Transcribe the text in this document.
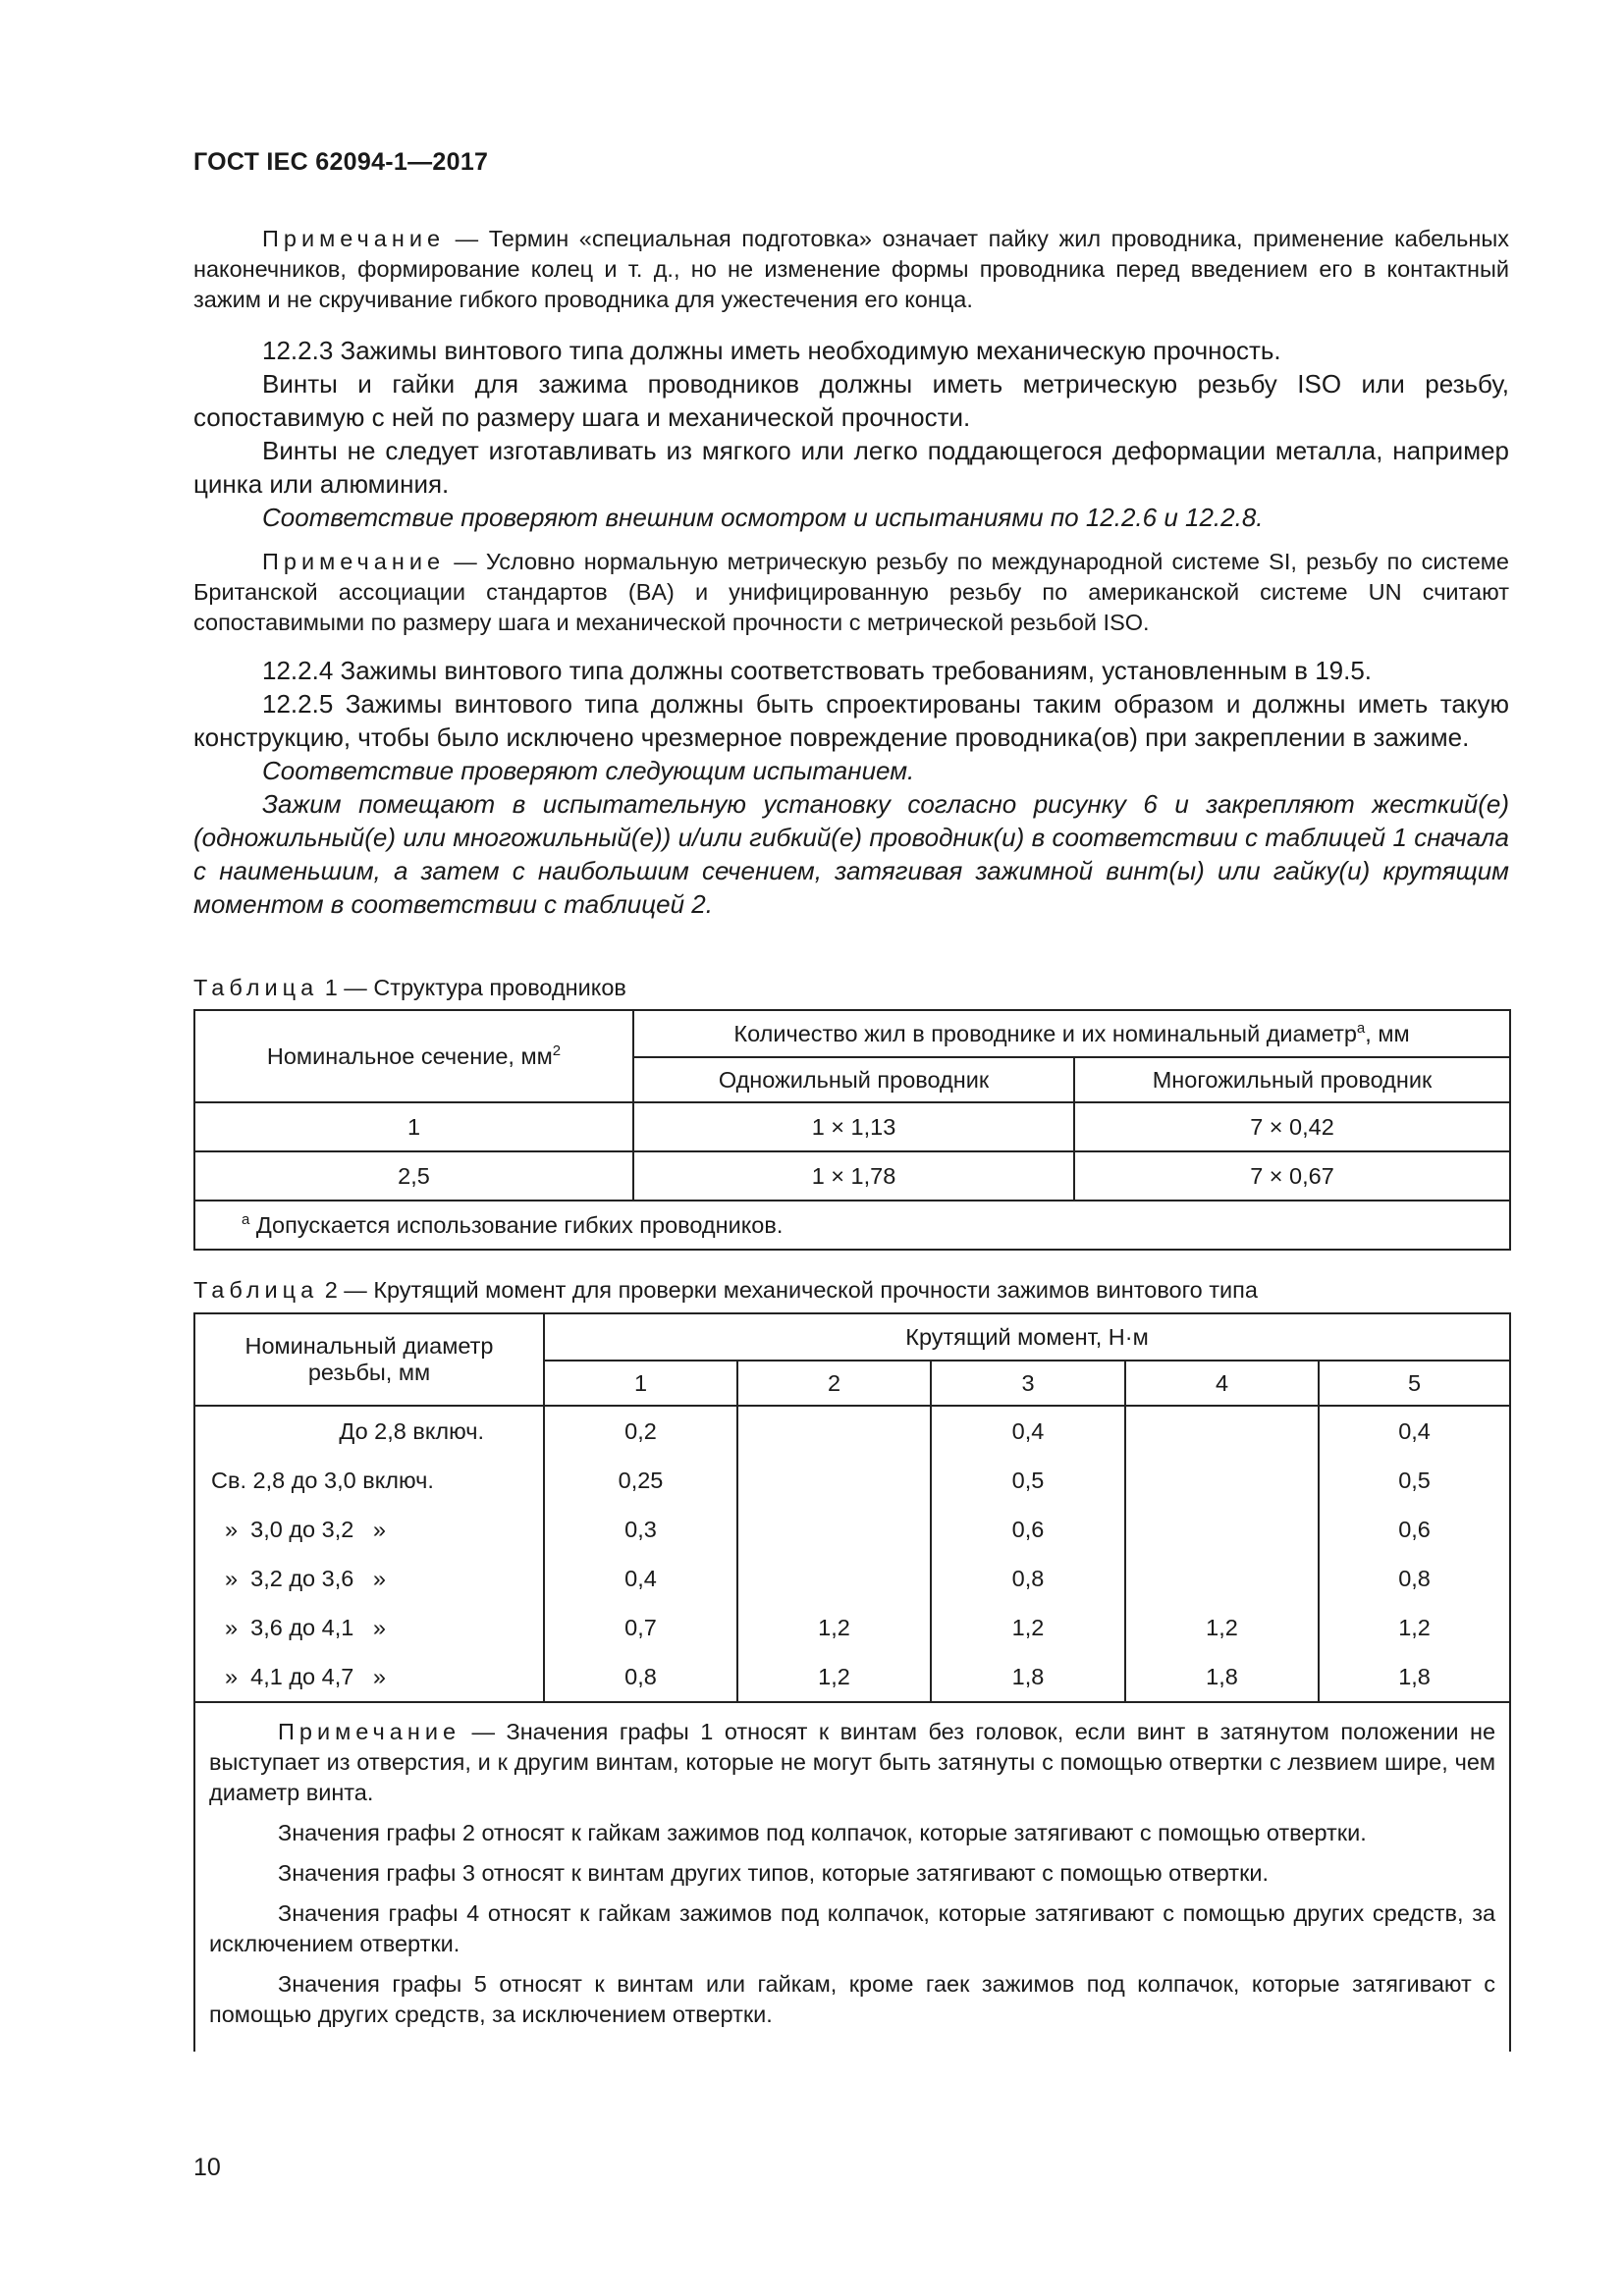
ГОСТ IEC 62094-1—2017

Примечание — Термин «специальная подготовка» означает пайку жил проводника, применение кабельных наконечников, формирование колец и т. д., но не изменение формы проводника перед введением его в контактный зажим и не скручивание гибкого проводника для ужестечения его конца.

12.2.3 Зажимы винтового типа должны иметь необходимую механическую прочность.

Винты и гайки для зажима проводников должны иметь метрическую резьбу ISO или резьбу, сопоставимую с ней по размеру шага и механической прочности.

Винты не следует изготавливать из мягкого или легко поддающегося деформации металла, например цинка или алюминия.

Соответствие проверяют внешним осмотром и испытаниями по 12.2.6 и 12.2.8.

Примечание — Условно нормальную метрическую резьбу по международной системе SI, резьбу по системе Британской ассоциации стандартов (BA) и унифицированную резьбу по американской системе UN считают сопоставимыми по размеру шага и механической прочности с метрической резьбой ISO.

12.2.4 Зажимы винтового типа должны соответствовать требованиям, установленным в 19.5.

12.2.5 Зажимы винтового типа должны быть спроектированы таким образом и должны иметь такую конструкцию, чтобы было исключено чрезмерное повреждение проводника(ов) при закреплении в зажиме.

Соответствие проверяют следующим испытанием.

Зажим помещают в испытательную установку согласно рисунку 6 и закрепляют жесткий(е) (одножильный(е) или многожильный(е)) и/или гибкий(е) проводник(и) в соответствии с таблицей 1 сначала с наименьшим, а затем с наибольшим сечением, затягивая зажимной винт(ы) или гайку(и) крутящим моментом в соответствии с таблицей 2.

Таблица 1 — Структура проводников
Номинальное сечение, $мм^2$	Количество жил в проводнике и их номинальный диаметр$^a$, мм	
	Одножильный проводник	Многожильный проводник
1	1 × 1,13	7 × 0,42
2,5	1 × 1,78	7 × 0,67
$^a$ Допускается использование гибких проводников.		
Таблица 2 — Крутящий момент для проверки механической прочности зажимов винтового типа
Номинальный диаметр
резьбы, мм	Крутящий момент, Н·м				
	1	2	3	4	5
До 2,8 включ.	0,2		0,4		0,4
Св. 2,8 до 3,0 включ.	0,25		0,5		0,5
»  3,0 до 3,2   »	0,3		0,6		0,6
»  3,2 до 3,6   »	0,4		0,8		0,8
»  3,6 до 4,1   »	0,7	1,2	1,2	1,2	1,2
»  4,1 до 4,7   »	0,8	1,2	1,8	1,8	1,8

Примечание — Значения графы 1 относят к винтам без головок, если винт в затянутом положении не выступает из отверстия, и к другим винтам, которые не могут быть затянуты с помощью отвертки с лезвием шире, чем диаметр винта.

Значения графы 2 относят к гайкам зажимов под колпачок, которые затягивают с помощью отвертки.

Значения графы 3 относят к винтам других типов, которые затягивают с помощью отвертки.

Значения графы 4 относят к гайкам зажимов под колпачок, которые затягивают с помощью других средств, за исключением отвертки.

Значения графы 5 относят к винтам или гайкам, кроме гаек зажимов под колпачок, которые затягивают с помощью других средств, за исключением отвертки.					

10
